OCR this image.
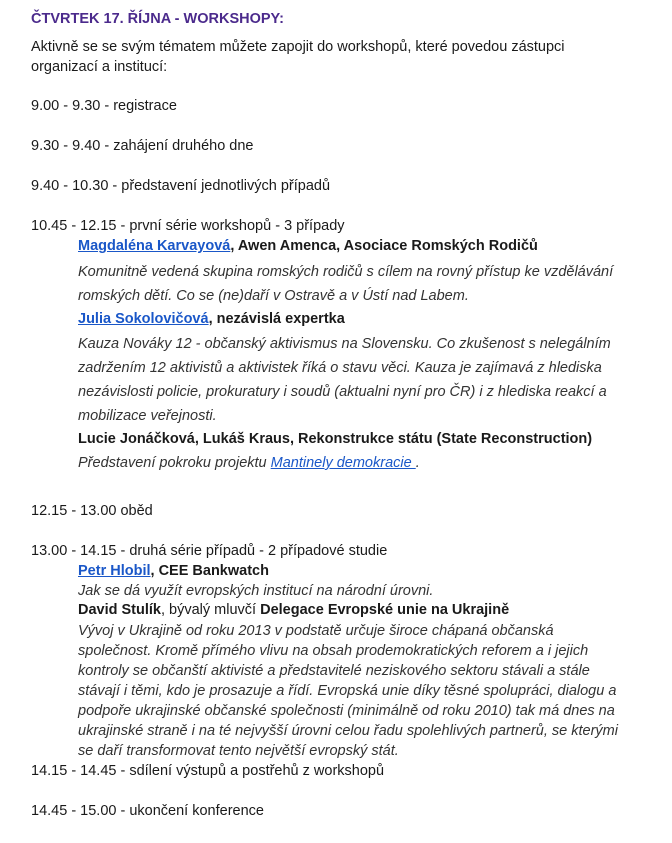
ČTVRTEK 17. ŘÍJNA - WORKSHOPY:
Aktivně se se svým tématem můžete zapojit do workshopů, které povedou zástupci
organizací a institucí:
9.00 - 9.30 - registrace
9.30 - 9.40 - zahájení druhého dne
9.40 - 10.30 - představení jednotlivých případů
10.45 - 12.15 - první série workshopů - 3 případy
Magdaléna Karvayová, Awen Amenca, Asociace Romských Rodičů
Komunitně vedená skupina romských rodičů s cílem na rovný přístup ke vzdělávání
romských dětí. Co se (ne)daří v Ostravě a v Ústí nad Labem.
Julia Sokolovičová, nezávislá expertka
Kauza Nováky 12 - občanský aktivismus na Slovensku. Co zkušenost s nelegálním
zadržením 12 aktivistů a aktivistek říká o stavu věci. Kauza je zajímavá z hlediska
nezávislosti policie, prokuratury i soudů (aktualni nyní pro ČR) i z hlediska reakcí a
mobilizace veřejnosti.
Lucie Jonáčková, Lukáš Kraus, Rekonstrukce státu (State Reconstruction)
Představení pokroku projektu Mantinely demokracie .
12.15 - 13.00 oběd
13.00 - 14.15 - druhá série případů - 2 případové studie
Petr Hlobil, CEE Bankwatch
Jak se dá využít evropských institucí na národní úrovni.
David Stulík, bývalý mluvčí Delegace Evropské unie na Ukrajině
Vývoj v Ukrajině od roku 2013 v podstatě určuje široce chápaná občanská
společnost. Kromě přímého vlivu na obsah prodemokratických reforem a i jejich
kontroly se občanští aktivisté a představitelé neziskového sektoru stávali a stále
stávají i těmi, kdo je prosazuje a řídí. Evropská unie díky těsné spolupráci, dialogu a
podpoře ukrajinské občanské společnosti (minimálně od roku 2010) tak má dnes na
ukrajinské straně i na té nejvyšší úrovni celou řadu spolehlivých partnerů, se kterými
se daří transformovat tento největší evropský stát.
14.15 - 14.45 - sdílení výstupů a postřehů z workshopů
14.45 - 15.00 - ukončení konference
